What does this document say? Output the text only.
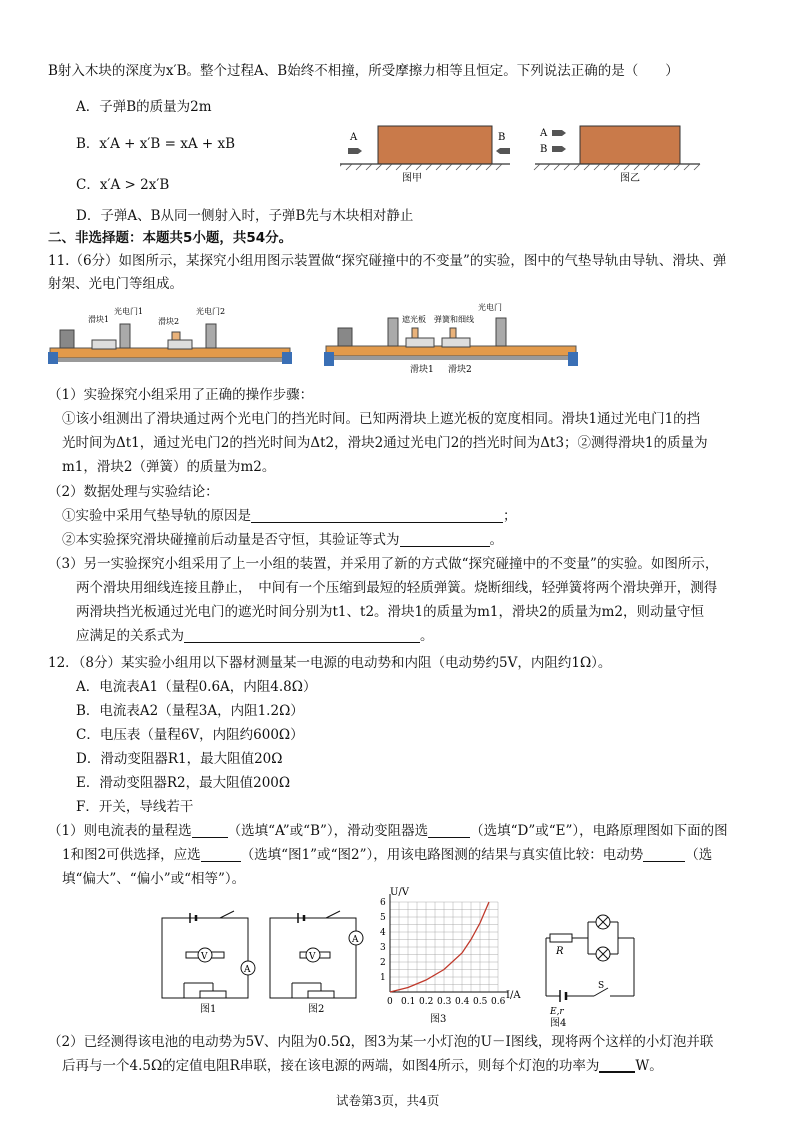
B射入木块的深度为x′B。整个过程A、B始终不相撞，所受摩擦力相等且恒定。下列说法正确的是（　　）
A．子弹B的质量为2m
B．x′A + x′B = xA + xB
C．x′A > 2x′B
D．子弹A、B从同一侧射入时，子弹B先与木块相对静止
A	B
图甲
A
B
图乙
二、非选择题：本题共5小题，共54分。
11.（6分）如图所示，某探究小组用图示装置做“探究碰撞中的不变量”的实验，图中的气垫导轨由导轨、滑块、弹
射架、光电门等组成。
滑块1
光电门1
滑块2
光电门2
遮光板 弹簧和细线
光电门
滑块1 滑块2
（1）实验探究小组采用了正确的操作步骤：
①该小组测出了滑块通过两个光电门的挡光时间。已知两滑块上遮光板的宽度相同。滑块1通过光电门1的挡
光时间为Δt1，通过光电门2的挡光时间为Δt2，滑块2通过光电门2的挡光时间为Δt3；②测得滑块1的质量为
m1，滑块2（弹簧）的质量为m2。
（2）数据处理与实验结论：
①实验中采用气垫导轨的原因是	；
②本实验探究滑块碰撞前后动量是否守恒，其验证等式为	。
（3）另一实验探究小组采用了上一小组的装置，并采用了新的方式做“探究碰撞中的不变量”的实验。如图所示，
两个滑块用细线连接且静止，　中间有一个压缩到最短的轻质弹簧。烧断细线，轻弹簧将两个滑块弹开，测得
两滑块挡光板通过光电门的遮光时间分别为t1、t2。滑块1的质量为m1，滑块2的质量为m2，则动量守恒
应满足的关系式为	。
12．（8分）某实验小组用以下器材测量某一电源的电动势和内阻（电动势约5V，内阻约1Ω）。
A．电流表A1（量程0.6A，内阻4.8Ω）
B．电流表A2（量程3A，内阻1.2Ω）
C．电压表（量程6V，内阻约600Ω）
D．滑动变阻器R1，最大阻值20Ω
E．滑动变阻器R2，最大阻值200Ω
F．开关，导线若干
（1）则电流表的量程选	（选填“A”或“B”），滑动变阻器选	（选填“D”或“E”），电路原理图如下面的图
1和图2可供选择，应选	（选填“图1”或“图2”），用该电路图测的结果与真实值比较：电动势	（选
填“偏大”、“偏小”或“相等”）。
V
A
图1
V
A
图2
0 0.1 0.2 0.3 0.4 0.5 0.6
1
2
3
4
5
6
U/V
I/A
图3
R
E,r
S
图4
（2）已经测得该电池的电动势为5V、内阻为0.5Ω，图3为某一小灯泡的U－I图线，现将两个这样的小灯泡并联
后再与一个4.5Ω的定值电阻R串联，接在该电源的两端，如图4所示，则每个灯泡的功率为	W。
试卷第3页，共4页
